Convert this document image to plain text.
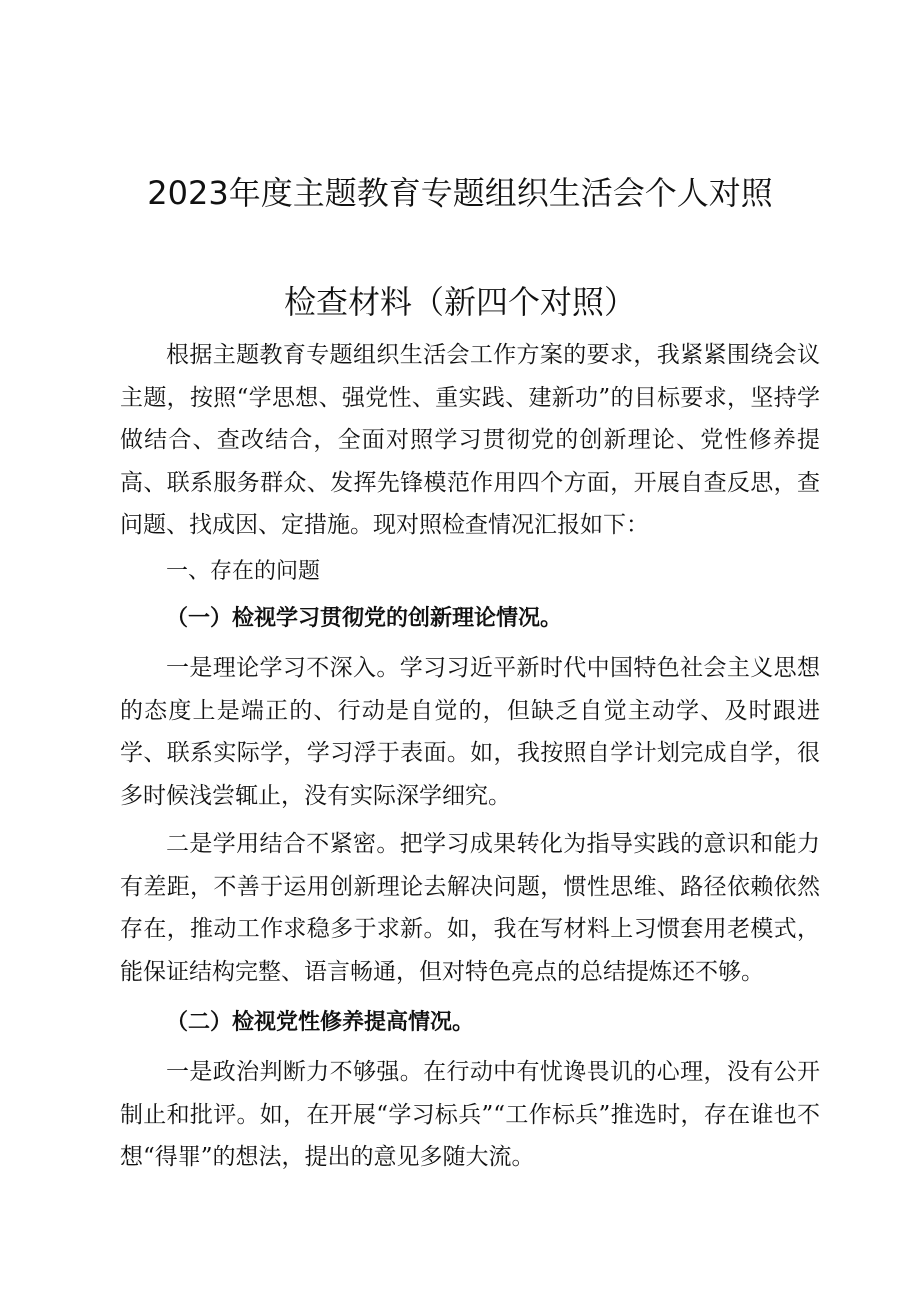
2023年度主题教育专题组织生活会个人对照
检查材料（新四个对照）

根据主题教育专题组织生活会工作方案的要求，我紧紧围绕会议主题，按照“学思想、强党性、重实践、建新功”的目标要求，坚持学做结合、查改结合，全面对照学习贯彻党的创新理论、党性修养提高、联系服务群众、发挥先锋模范作用四个方面，开展自查反思，查问题、找成因、定措施。现对照检查情况汇报如下：

一、存在的问题

（一）检视学习贯彻党的创新理论情况。

一是理论学习不深入。学习习近平新时代中国特色社会主义思想的态度上是端正的、行动是自觉的，但缺乏自觉主动学、及时跟进学、联系实际学，学习浮于表面。如，我按照自学计划完成自学，很多时候浅尝辄止，没有实际深学细究。

二是学用结合不紧密。把学习成果转化为指导实践的意识和能力有差距，不善于运用创新理论去解决问题，惯性思维、路径依赖依然存在，推动工作求稳多于求新。如，我在写材料上习惯套用老模式，能保证结构完整、语言畅通，但对特色亮点的总结提炼还不够。

（二）检视党性修养提高情况。

一是政治判断力不够强。在行动中有忧谗畏讥的心理，没有公开制止和批评。如，在开展“学习标兵”“工作标兵”推选时，存在谁也不想“得罪”的想法，提出的意见多随大流。
